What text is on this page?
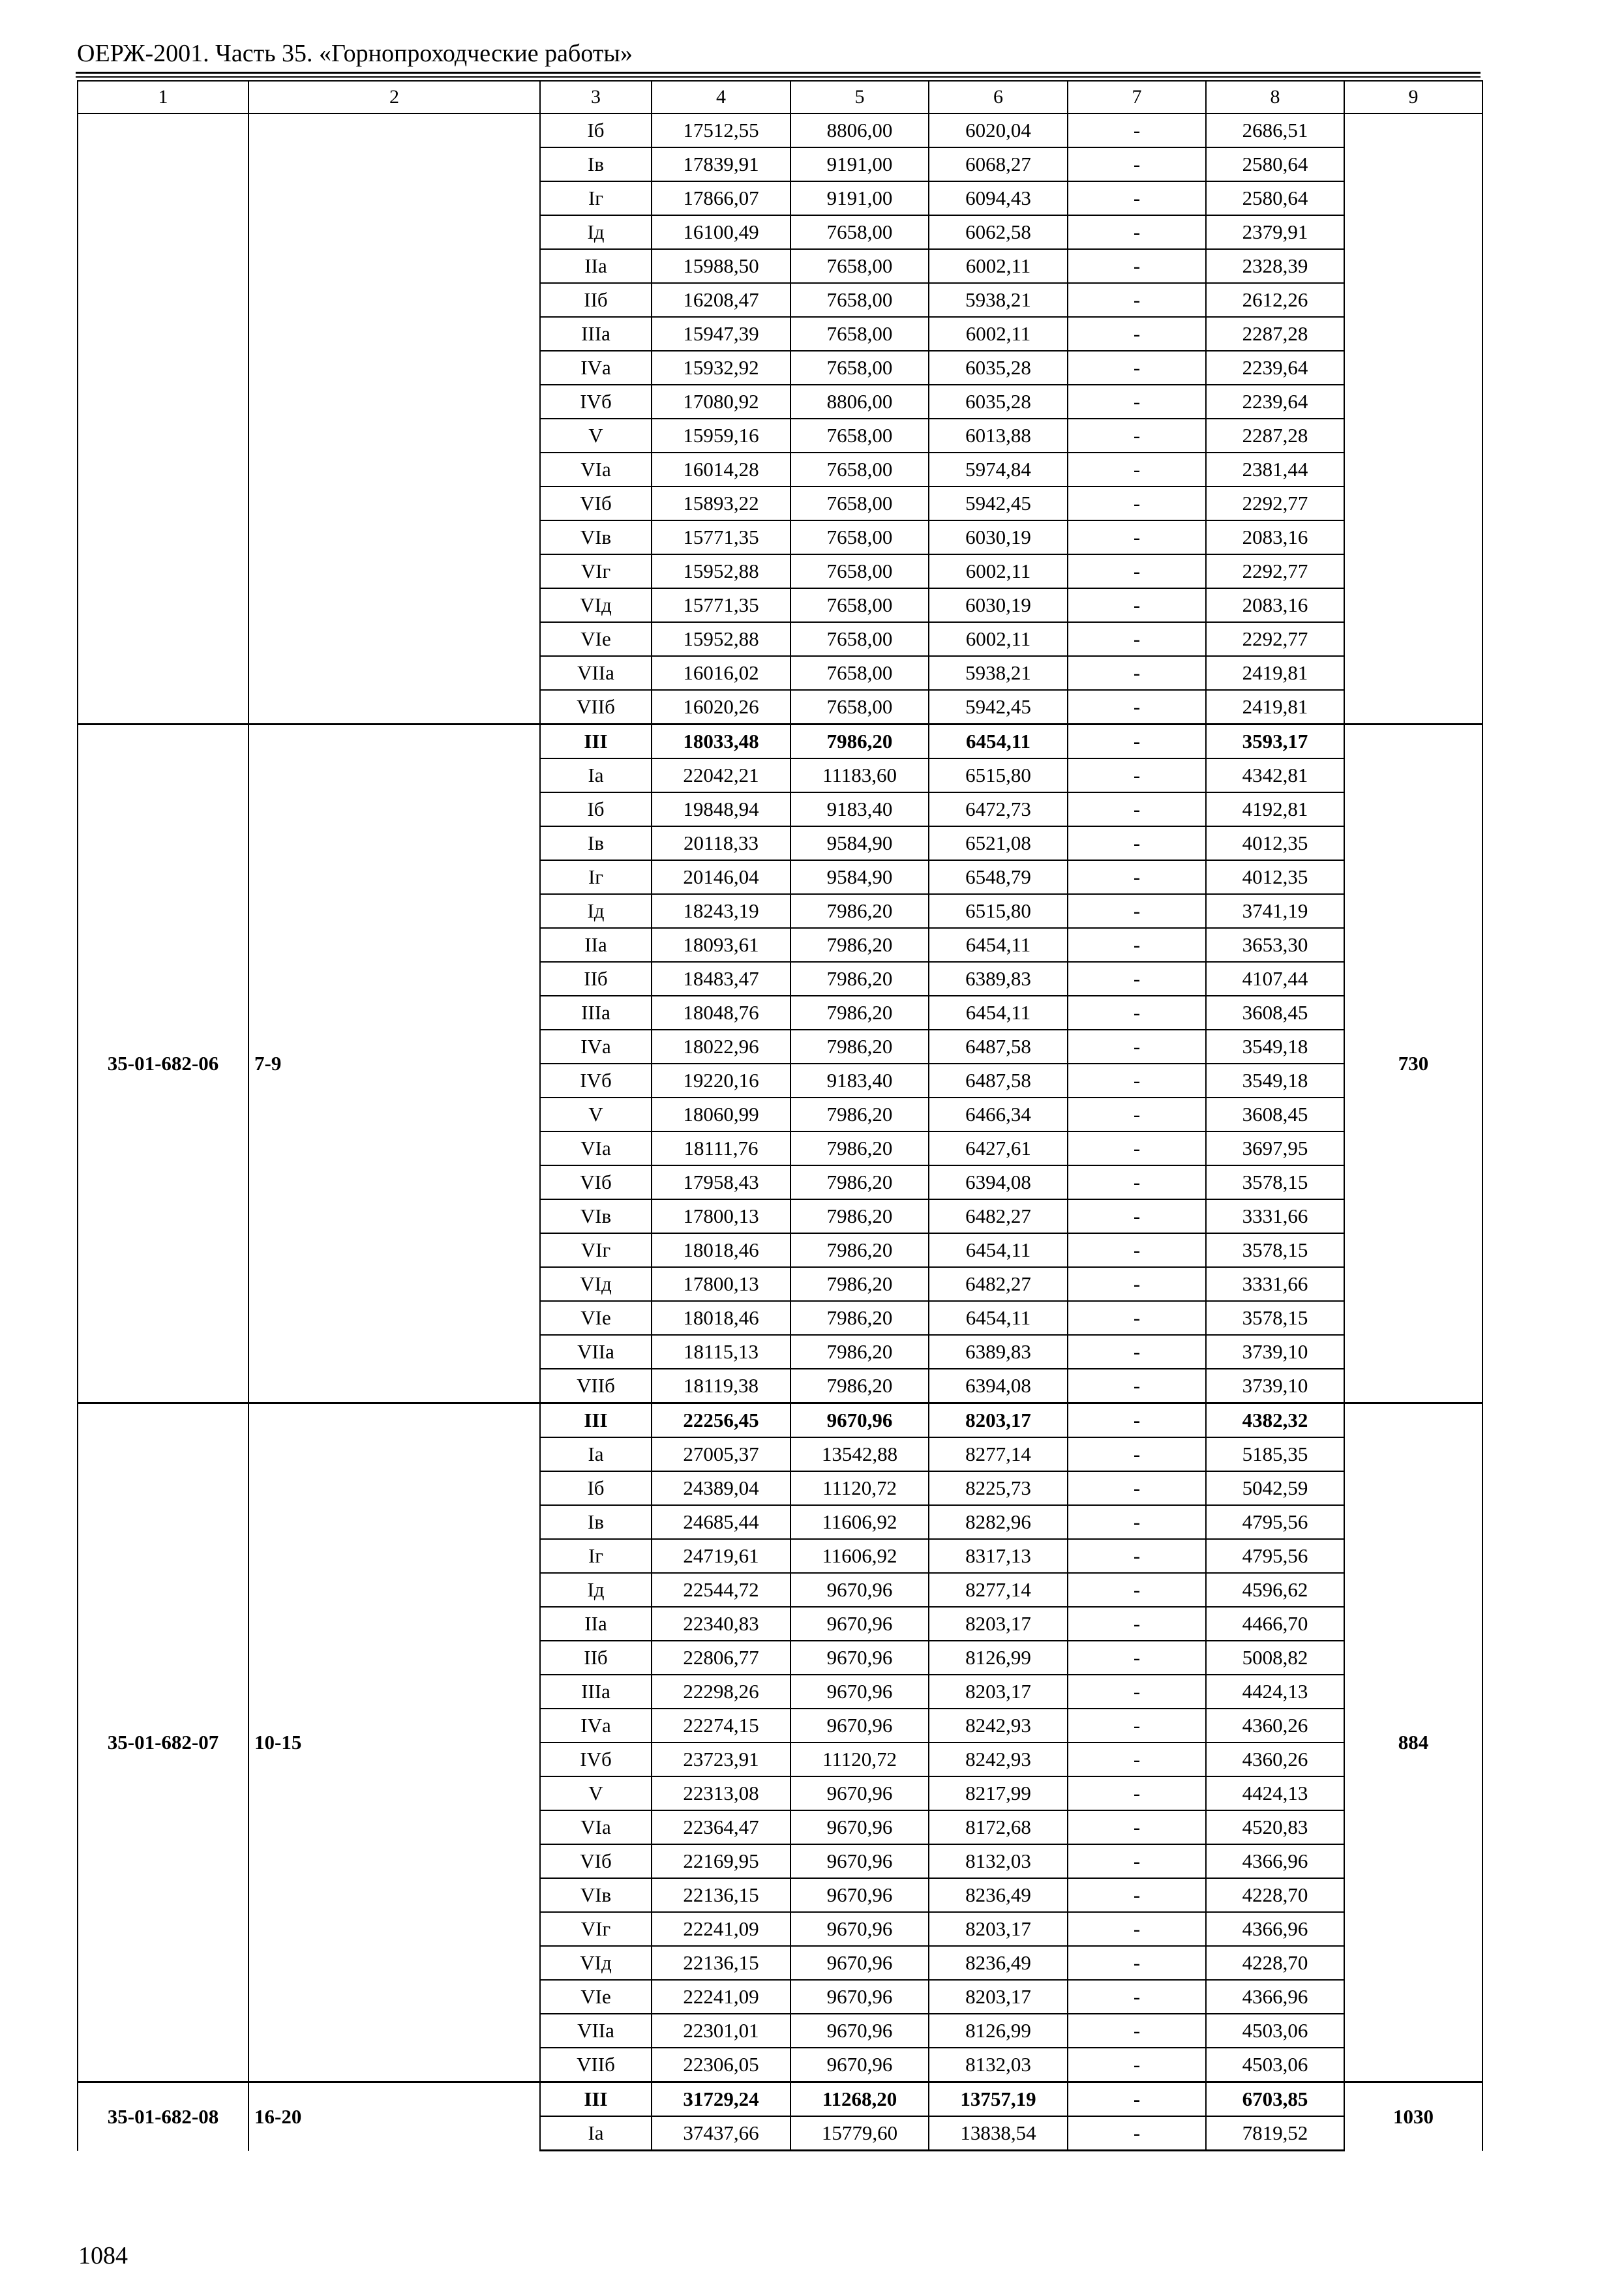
ОЕРЖ-2001. Часть 35. «Горнопроходческие работы»
1	2	3	4	5	6	7	8	9
		Iб	17512,55	8806,00	6020,04	-	2686,51	
		Iв	17839,91	9191,00	6068,27	-	2580,64	
		Iг	17866,07	9191,00	6094,43	-	2580,64	
		Iд	16100,49	7658,00	6062,58	-	2379,91	
		IIа	15988,50	7658,00	6002,11	-	2328,39	
		IIб	16208,47	7658,00	5938,21	-	2612,26	
		IIIа	15947,39	7658,00	6002,11	-	2287,28	
		IVа	15932,92	7658,00	6035,28	-	2239,64	
		IVб	17080,92	8806,00	6035,28	-	2239,64	
		V	15959,16	7658,00	6013,88	-	2287,28	
		VIа	16014,28	7658,00	5974,84	-	2381,44	
		VIб	15893,22	7658,00	5942,45	-	2292,77	
		VIв	15771,35	7658,00	6030,19	-	2083,16	
		VIг	15952,88	7658,00	6002,11	-	2292,77	
		VIд	15771,35	7658,00	6030,19	-	2083,16	
		VIе	15952,88	7658,00	6002,11	-	2292,77	
		VIIа	16016,02	7658,00	5938,21	-	2419,81	
		VIIб	16020,26	7658,00	5942,45	-	2419,81	
35-01-682-06	7-9	III	18033,48	7986,20	6454,11	-	3593,17	730
		Iа	22042,21	11183,60	6515,80	-	4342,81	
		Iб	19848,94	9183,40	6472,73	-	4192,81	
		Iв	20118,33	9584,90	6521,08	-	4012,35	
		Iг	20146,04	9584,90	6548,79	-	4012,35	
		Iд	18243,19	7986,20	6515,80	-	3741,19	
		IIа	18093,61	7986,20	6454,11	-	3653,30	
		IIб	18483,47	7986,20	6389,83	-	4107,44	
		IIIа	18048,76	7986,20	6454,11	-	3608,45	
		IVа	18022,96	7986,20	6487,58	-	3549,18	
		IVб	19220,16	9183,40	6487,58	-	3549,18	
		V	18060,99	7986,20	6466,34	-	3608,45	
		VIа	18111,76	7986,20	6427,61	-	3697,95	
		VIб	17958,43	7986,20	6394,08	-	3578,15	
		VIв	17800,13	7986,20	6482,27	-	3331,66	
		VIг	18018,46	7986,20	6454,11	-	3578,15	
		VIд	17800,13	7986,20	6482,27	-	3331,66	
		VIе	18018,46	7986,20	6454,11	-	3578,15	
		VIIа	18115,13	7986,20	6389,83	-	3739,10	
		VIIб	18119,38	7986,20	6394,08	-	3739,10	
35-01-682-07	10-15	III	22256,45	9670,96	8203,17	-	4382,32	884
		Iа	27005,37	13542,88	8277,14	-	5185,35	
		Iб	24389,04	11120,72	8225,73	-	5042,59	
		Iв	24685,44	11606,92	8282,96	-	4795,56	
		Iг	24719,61	11606,92	8317,13	-	4795,56	
		Iд	22544,72	9670,96	8277,14	-	4596,62	
		IIа	22340,83	9670,96	8203,17	-	4466,70	
		IIб	22806,77	9670,96	8126,99	-	5008,82	
		IIIа	22298,26	9670,96	8203,17	-	4424,13	
		IVа	22274,15	9670,96	8242,93	-	4360,26	
		IVб	23723,91	11120,72	8242,93	-	4360,26	
		V	22313,08	9670,96	8217,99	-	4424,13	
		VIа	22364,47	9670,96	8172,68	-	4520,83	
		VIб	22169,95	9670,96	8132,03	-	4366,96	
		VIв	22136,15	9670,96	8236,49	-	4228,70	
		VIг	22241,09	9670,96	8203,17	-	4366,96	
		VIд	22136,15	9670,96	8236,49	-	4228,70	
		VIе	22241,09	9670,96	8203,17	-	4366,96	
		VIIа	22301,01	9670,96	8126,99	-	4503,06	
		VIIб	22306,05	9670,96	8132,03	-	4503,06	
35-01-682-08	16-20	III	31729,24	11268,20	13757,19	-	6703,85	1030
		Iа	37437,66	15779,60	13838,54	-	7819,52	
1084
